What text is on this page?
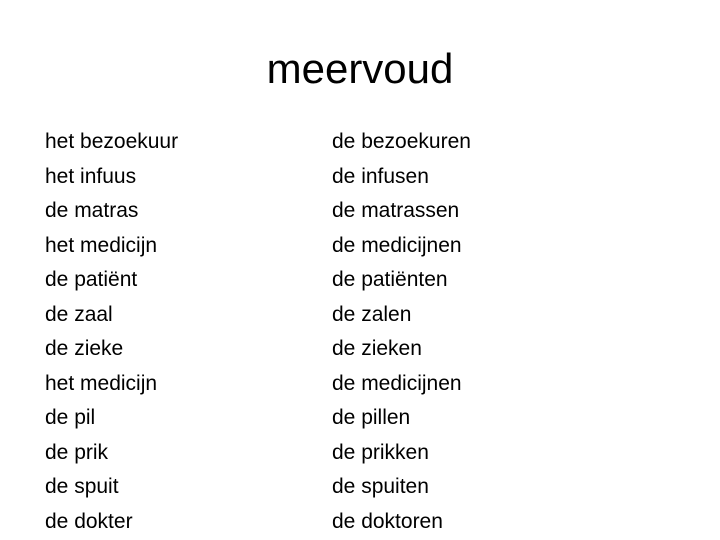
meervoud
het bezoekuur
het infuus
de matras
het medicijn
de patiënt
de zaal
de zieke
het medicijn
de pil
de prik
de spuit
de dokter
de bezoekuren
de infusen
de matrassen
de medicijnen
de patiënten
de zalen
de zieken
de medicijnen
de pillen
de prikken
de spuiten
de doktoren
